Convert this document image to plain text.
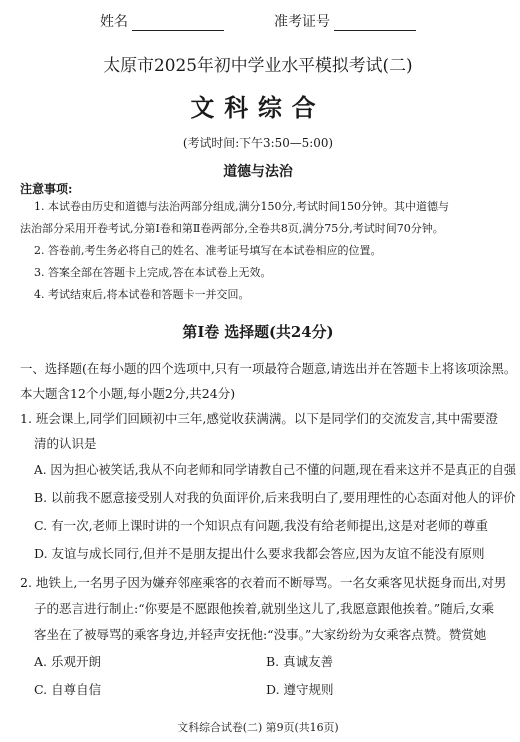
姓名	准考证号
太原市2025年初中学业水平模拟考试(二)
文科综合
(考试时间:下午3:50—5:00)
道德与法治
注意事项:
1. 本试卷由历史和道德与法治两部分组成,满分150分,考试时间150分钟。其中道德与
法治部分采用开卷考试,分第Ⅰ卷和第Ⅱ卷两部分,全卷共8页,满分75分,考试时间70分钟。
2. 答卷前,考生务必将自己的姓名、准考证号填写在本试卷相应的位置。
3. 答案全部在答题卡上完成,答在本试卷上无效。
4. 考试结束后,将本试卷和答题卡一并交回。
第Ⅰ卷 选择题(共24分)
一、选择题(在每小题的四个选项中,只有一项最符合题意,请选出并在答题卡上将该项涂黑。
本大题含12个小题,每小题2分,共24分)
1. 班会课上,同学们回顾初中三年,感觉收获满满。以下是同学们的交流发言,其中需要澄
清的认识是
A. 因为担心被笑话,我从不向老师和同学请教自己不懂的问题,现在看来这并不是真正的自强
B. 以前我不愿意接受别人对我的负面评价,后来我明白了,要用理性的心态面对他人的评价
C. 有一次,老师上课时讲的一个知识点有问题,我没有给老师提出,这是对老师的尊重
D. 友谊与成长同行,但并不是朋友提出什么要求我都会答应,因为友谊不能没有原则
2. 地铁上,一名男子因为嫌弃邻座乘客的衣着而不断辱骂。一名女乘客见状挺身而出,对男
子的恶言进行制止:“你要是不愿跟他挨着,就别坐这儿了,我愿意跟他挨着。”随后,女乘
客坐在了被辱骂的乘客身边,并轻声安抚他:“没事。”大家纷纷为女乘客点赞。赞赏她
A. 乐观开朗	B. 真诚友善
C. 自尊自信	D. 遵守规则
文科综合试卷(二) 第9页(共16页)
